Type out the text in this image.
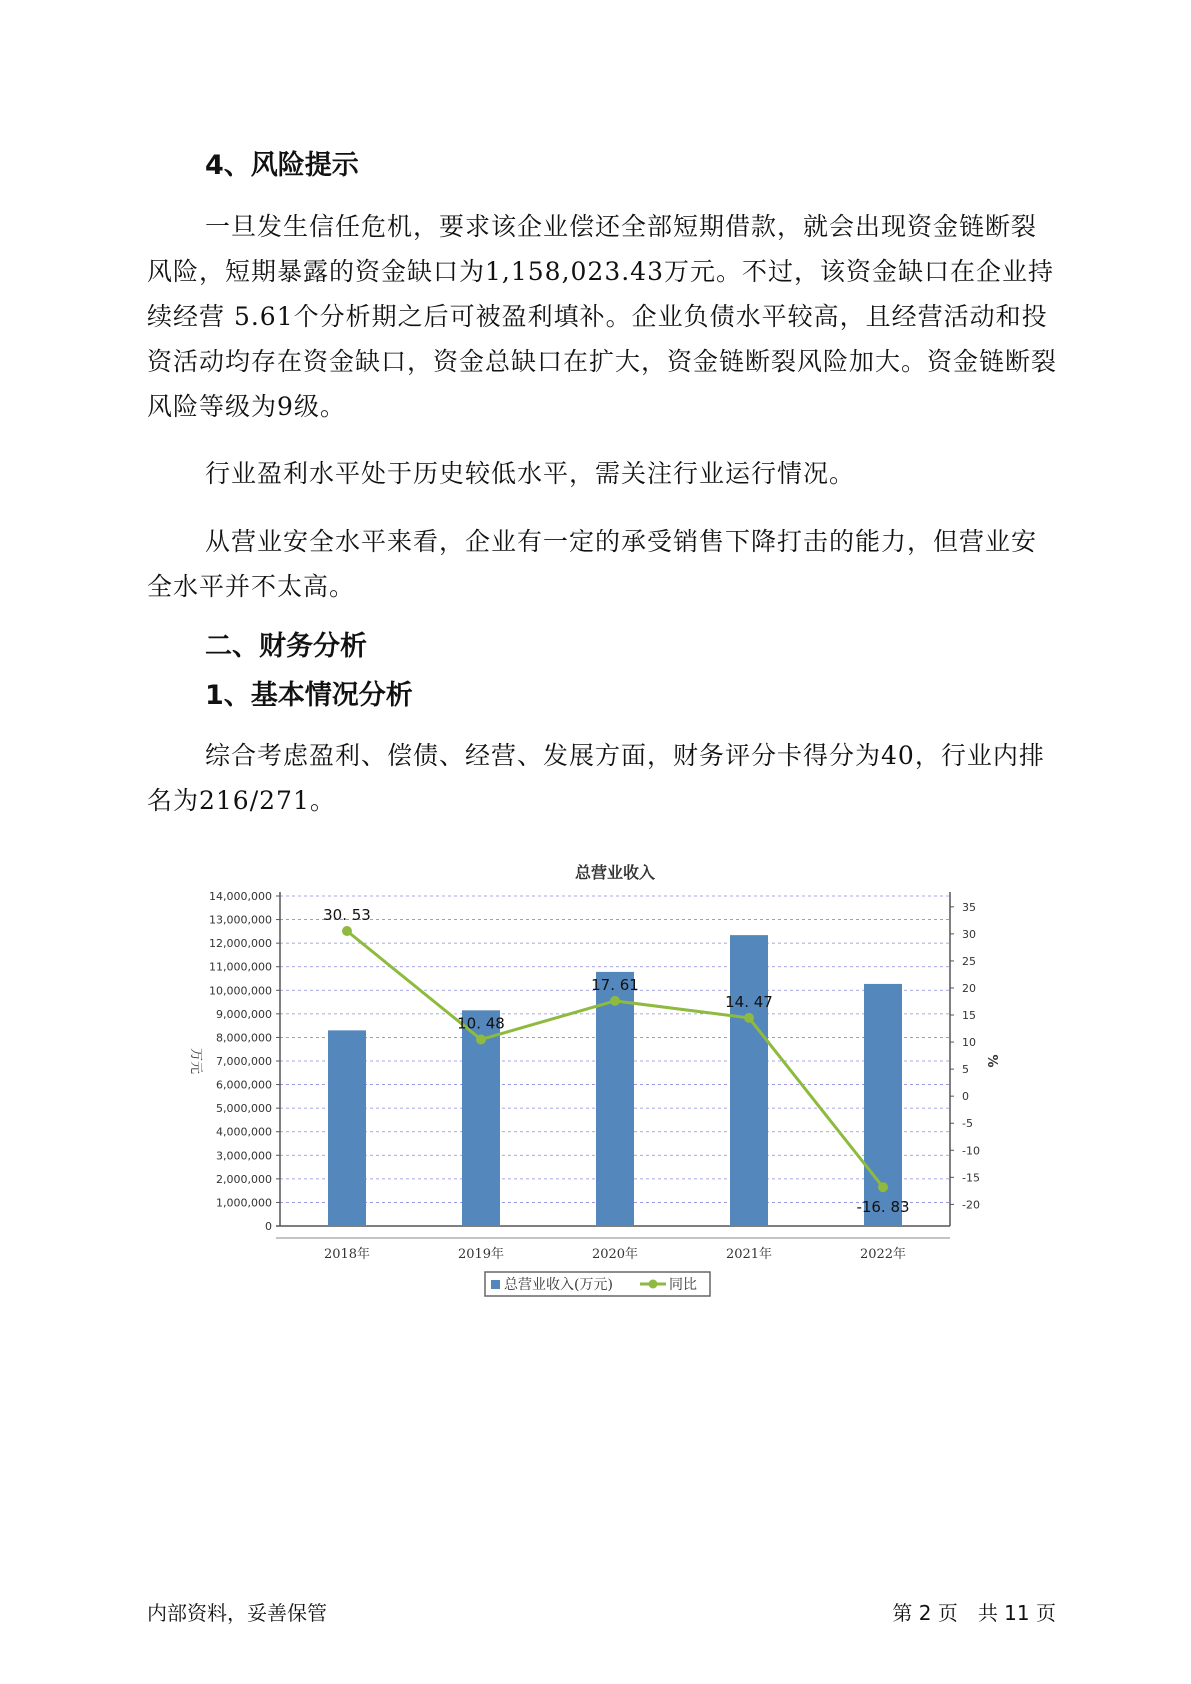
4、风险提示

一旦发生信任危机，要求该企业偿还全部短期借款，就会出现资金链断裂风险，短期暴露的资金缺口为1,158,023.43万元。不过，该资金缺口在企业持续经营 5.61个分析期之后可被盈利填补。企业负债水平较高，且经营活动和投资活动均存在资金缺口，资金总缺口在扩大，资金链断裂风险加大。资金链断裂风险等级为9级。

行业盈利水平处于历史较低水平，需关注行业运行情况。

从营业安全水平来看，企业有一定的承受销售下降打击的能力，但营业安全水平并不太高。

二、财务分析
1、基本情况分析

综合考虑盈利、偿债、经营、发展方面，财务评分卡得分为40，行业内排名为216/271。

总营业收入
0
1,000,000
2,000,000
3,000,000
4,000,000
5,000,000
6,000,000
7,000,000
8,000,000
9,000,000
10,000,000
11,000,000
12,000,000
13,000,000
14,000,000
-20
-15
-10
-5
0
5
10
15
20
25
30
35
万元	%
2018年	2019年	2020年	2021年	2022年
30. 53
10. 48
17. 61
14. 47
-16. 83
总营业收入(万元)	同比
内部资料，妥善保管	第 2 页　共 11 页
